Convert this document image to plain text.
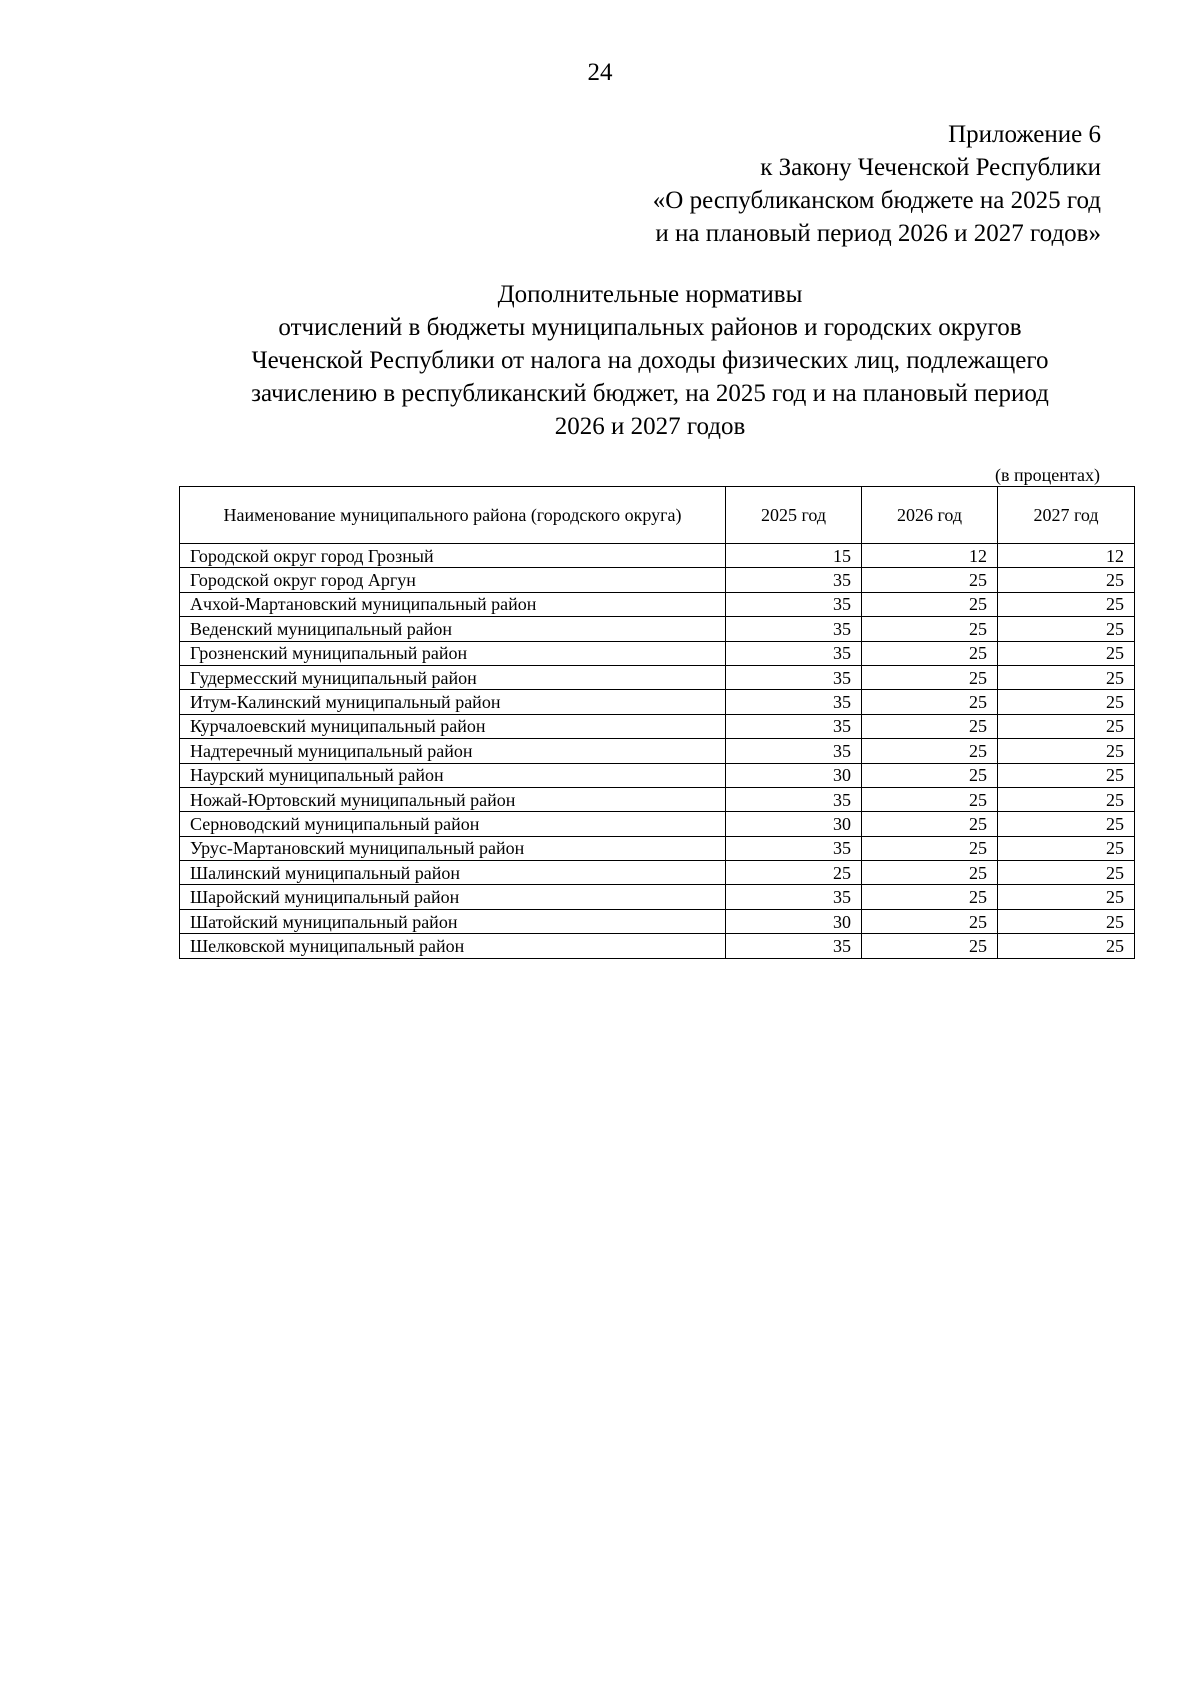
24
Приложение 6
к Закону Чеченской Республики
«О республиканском бюджете на 2025 год
и на плановый период 2026 и 2027 годов»
Дополнительные нормативы
отчислений в бюджеты муниципальных районов и городских округов
Чеченской Республики от налога на доходы физических лиц, подлежащего
зачислению в республиканский бюджет, на 2025 год и на плановый период
2026 и 2027 годов
(в процентах)
Наименование муниципального района (городского округа)	2025 год	2026 год	2027 год
Городской округ город Грозный	15	12	12
Городской округ город Аргун	35	25	25
Ачхой-Мартановский муниципальный район	35	25	25
Веденский муниципальный район	35	25	25
Грозненский муниципальный район	35	25	25
Гудермесский муниципальный район	35	25	25
Итум-Калинский муниципальный район	35	25	25
Курчалоевский муниципальный район	35	25	25
Надтеречный муниципальный район	35	25	25
Наурский муниципальный район	30	25	25
Ножай-Юртовский муниципальный район	35	25	25
Серноводский муниципальный район	30	25	25
Урус-Мартановский муниципальный район	35	25	25
Шалинский муниципальный район	25	25	25
Шаройский муниципальный район	35	25	25
Шатойский муниципальный район	30	25	25
Шелковской муниципальный район	35	25	25
